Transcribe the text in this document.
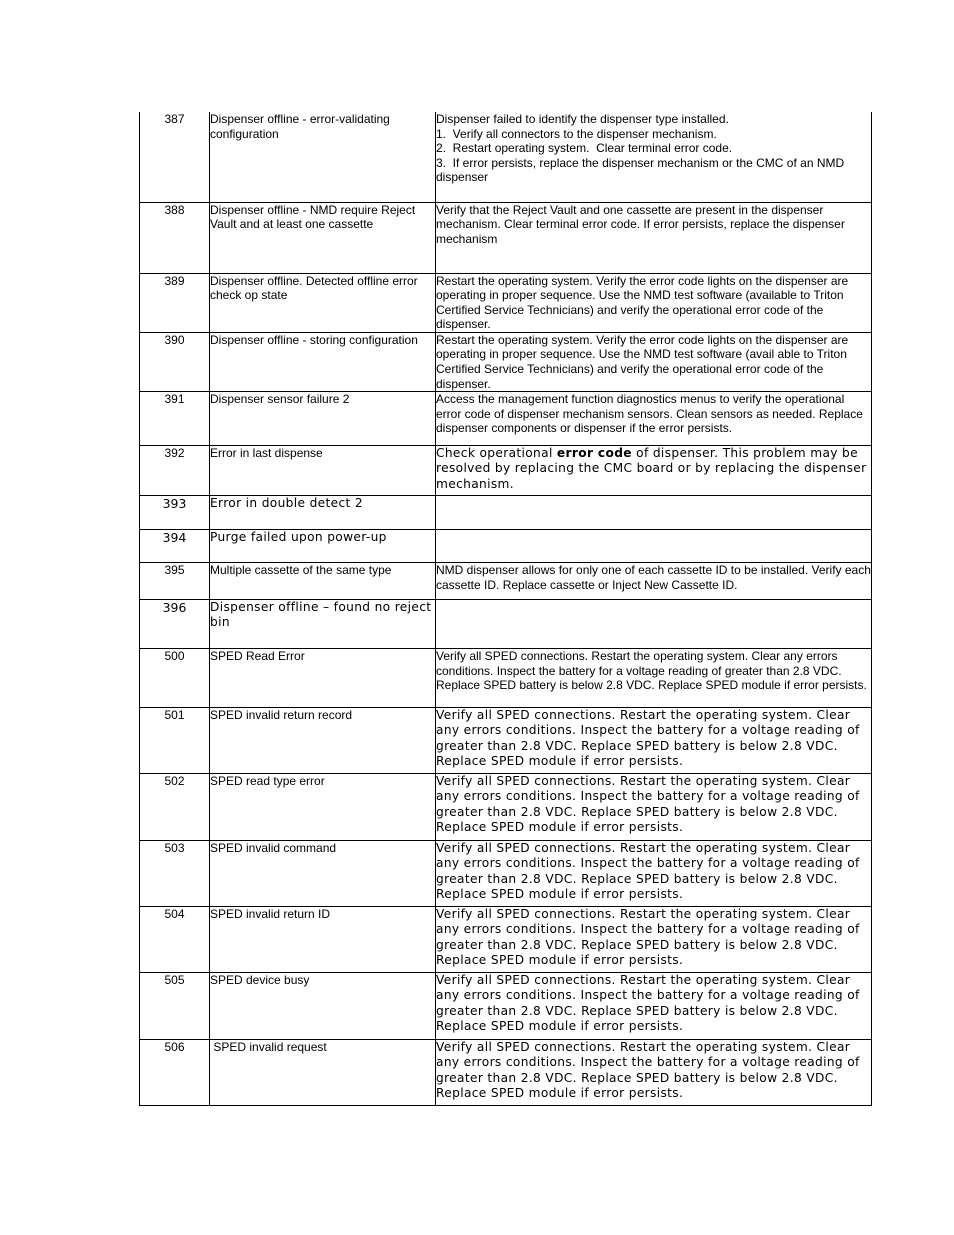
387	Dispenser offline - error-validating configuration	Dispenser failed to identify the dispenser type installed.
1.  Verify all connectors to the dispenser mechanism.
2.  Restart operating system.  Clear terminal error code.
3.  If error persists, replace the dispenser mechanism or the CMC of an NMD dispenser

388	Dispenser offline - NMD require Reject Vault and at least one cassette	Verify that the Reject Vault and one cassette are present in the dispenser mechanism. Clear terminal error code. If error persists, replace the dispenser mechanism
389	Dispenser offline. Detected offline error check op state	Restart the operating system. Verify the error code lights on the dispenser are operating in proper sequence. Use the NMD test software (available to Triton Certified Service Technicians) and verify the operational error code of the dispenser.
390	Dispenser offline - storing configuration	Restart the operating system. Verify the error code lights on the dispenser are operating in proper sequence. Use the NMD test software (avail able to Triton Certified Service Technicians) and verify the operational error code of the dispenser.
391	Dispenser sensor failure 2	Access the management function diagnostics menus to verify the operational error code of dispenser mechanism sensors. Clean sensors as needed. Replace dispenser components or dispenser if the error persists.
392	Error in last dispense	Check operational error code of dispenser. This problem may be resolved by replacing the CMC board or by replacing the dispenser mechanism.
393	Error in double detect 2	
394	Purge failed upon power-up	
395	Multiple cassette of the same type	NMD dispenser allows for only one of each cassette ID to be installed. Verify each cassette ID. Replace cassette or Inject New Cassette ID.
396	Dispenser offline – found no reject bin	
500	SPED Read Error	Verify all SPED connections. Restart the operating system. Clear any errors conditions. Inspect the battery for a voltage reading of greater than 2.8 VDC. Replace SPED battery is below 2.8 VDC. Replace SPED module if error persists.
501	SPED invalid return record	Verify all SPED connections. Restart the operating system. Clear any errors conditions. Inspect the battery for a voltage reading of greater than 2.8 VDC. Replace SPED battery is below 2.8 VDC. Replace SPED module if error persists.
502	SPED read type error	Verify all SPED connections. Restart the operating system. Clear any errors conditions. Inspect the battery for a voltage reading of greater than 2.8 VDC. Replace SPED battery is below 2.8 VDC. Replace SPED module if error persists.
503	SPED invalid command	Verify all SPED connections. Restart the operating system. Clear any errors conditions. Inspect the battery for a voltage reading of greater than 2.8 VDC. Replace SPED battery is below 2.8 VDC. Replace SPED module if error persists.
504	SPED invalid return ID	Verify all SPED connections. Restart the operating system. Clear any errors conditions. Inspect the battery for a voltage reading of greater than 2.8 VDC. Replace SPED battery is below 2.8 VDC. Replace SPED module if error persists.
505	SPED device busy	Verify all SPED connections. Restart the operating system. Clear any errors conditions. Inspect the battery for a voltage reading of greater than 2.8 VDC. Replace SPED battery is below 2.8 VDC. Replace SPED module if error persists.
506	SPED invalid request	Verify all SPED connections. Restart the operating system. Clear any errors conditions. Inspect the battery for a voltage reading of greater than 2.8 VDC. Replace SPED battery is below 2.8 VDC. Replace SPED module if error persists.
